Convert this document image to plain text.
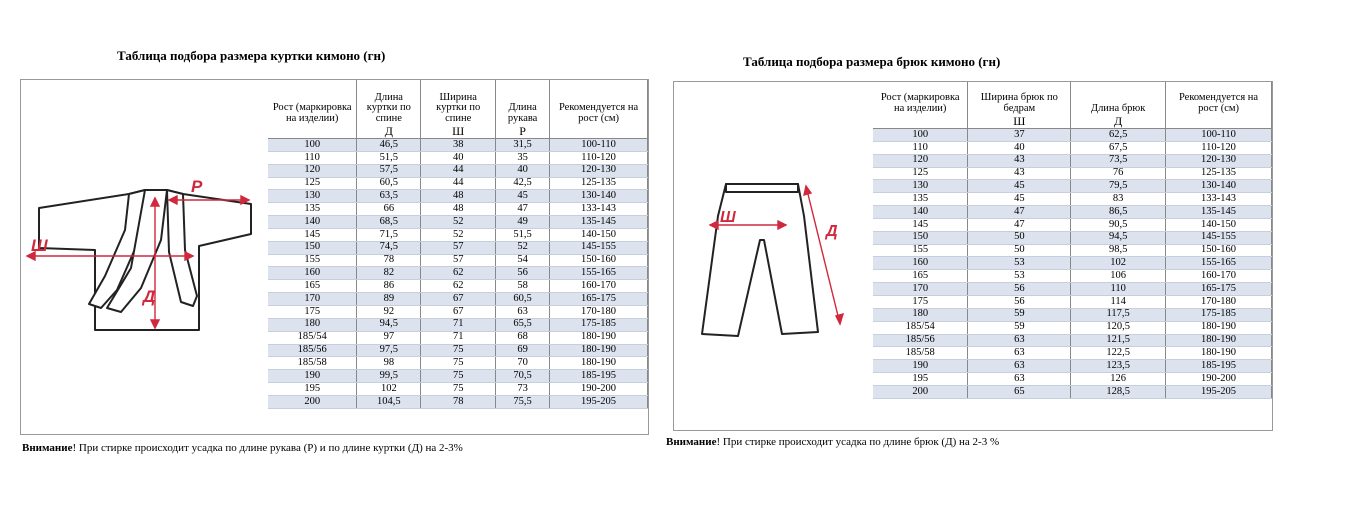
Таблица подбора размера куртки кимоно (гн)
Р
Ш
Д
Рост (маркировка на изделии)	Длина куртки по спине	Ширина куртки по спине	Длина рукава	Рекомендуется на рост (см)
	Д	Ш	Р	
100	46,5	38	31,5	100-110
110	51,5	40	35	110-120
120	57,5	44	40	120-130
125	60,5	44	42,5	125-135
130	63,5	48	45	130-140
135	66	48	47	133-143
140	68,5	52	49	135-145
145	71,5	52	51,5	140-150
150	74,5	57	52	145-155
155	78	57	54	150-160
160	82	62	56	155-165
165	86	62	58	160-170
170	89	67	60,5	165-175
175	92	67	63	170-180
180	94,5	71	65,5	175-185
185/54	97	71	68	180-190
185/56	97,5	75	69	180-190
185/58	98	75	70	180-190
190	99,5	75	70,5	185-195
195	102	75	73	190-200
200	104,5	78	75,5	195-205
Внимание! При стирке происходит усадка по длине рукава (Р) и по длине куртки (Д) на 2-3%
Таблица подбора размера брюк кимоно (гн)
Ш
Д
Рост (маркировка на изделии)	Ширина брюк по бедрам	Длина брюк	Рекомендуется на рост (см)
	Ш	Д	
100	37	62,5	100-110
110	40	67,5	110-120
120	43	73,5	120-130
125	43	76	125-135
130	45	79,5	130-140
135	45	83	133-143
140	47	86,5	135-145
145	47	90,5	140-150
150	50	94,5	145-155
155	50	98,5	150-160
160	53	102	155-165
165	53	106	160-170
170	56	110	165-175
175	56	114	170-180
180	59	117,5	175-185
185/54	59	120,5	180-190
185/56	63	121,5	180-190
185/58	63	122,5	180-190
190	63	123,5	185-195
195	63	126	190-200
200	65	128,5	195-205
Внимание! При стирке происходит усадка по длине брюк (Д) на 2-3 %
